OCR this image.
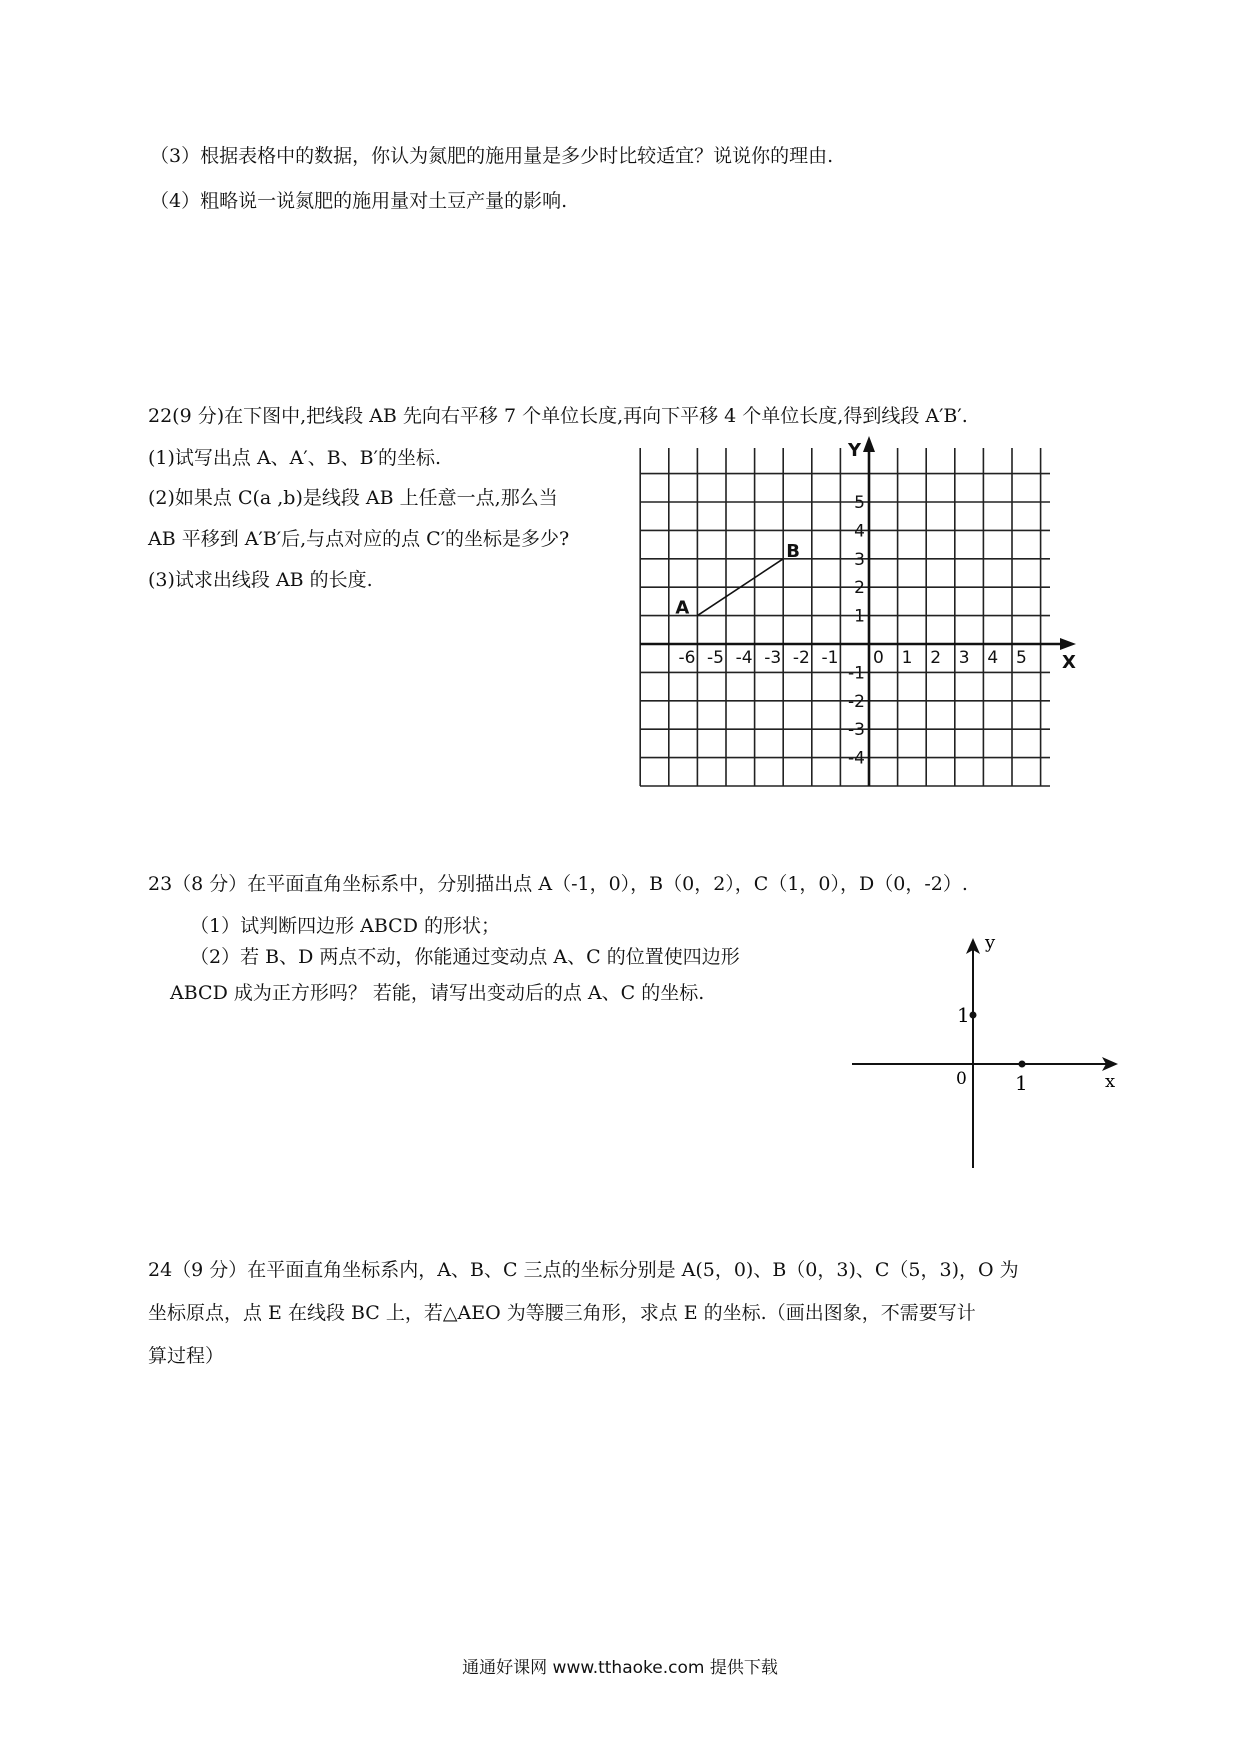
（3）根据表格中的数据，你认为氮肥的施用量是多少时比较适宜？说说你的理由.
（4）粗略说一说氮肥的施用量对土豆产量的影响.
22(9 分)在下图中,把线段 AB 先向右平移 7 个单位长度,再向下平移 4 个单位长度,得到线段 A′B′.
(1)试写出点 A、A′、B、B′的坐标.
(2)如果点 C(a ,b)是线段 AB 上任意一点,那么当
AB 平移到 A′B′后,与点对应的点 C′的坐标是多少?
(3)试求出线段 AB 的长度.
X
Y
-6 -5 -4 -3 -2 -1 0 1 2 3 4 5
5
4
3
2
1
-1
-2
-3
-4
A
B
23（8 分）在平面直角坐标系中，分别描出点 A（-1，0），B（0，2），C（1，0），D（0，-2）.
（1）试判断四边形 ABCD 的形状；
（2）若 B、D 两点不动，你能通过变动点 A、C 的位置使四边形
ABCD 成为正方形吗？ 若能，请写出变动后的点 A、C 的坐标.
y
x
0 1
1
24（9 分）在平面直角坐标系内，A、B、C 三点的坐标分别是 A(5，0)、B（0，3)、C（5，3)，O 为
坐标原点，点 E 在线段 BC 上，若△AEO 为等腰三角形，求点 E 的坐标.（画出图象，不需要写计
算过程）
通通好课网 www.tthaoke.com 提供下载
